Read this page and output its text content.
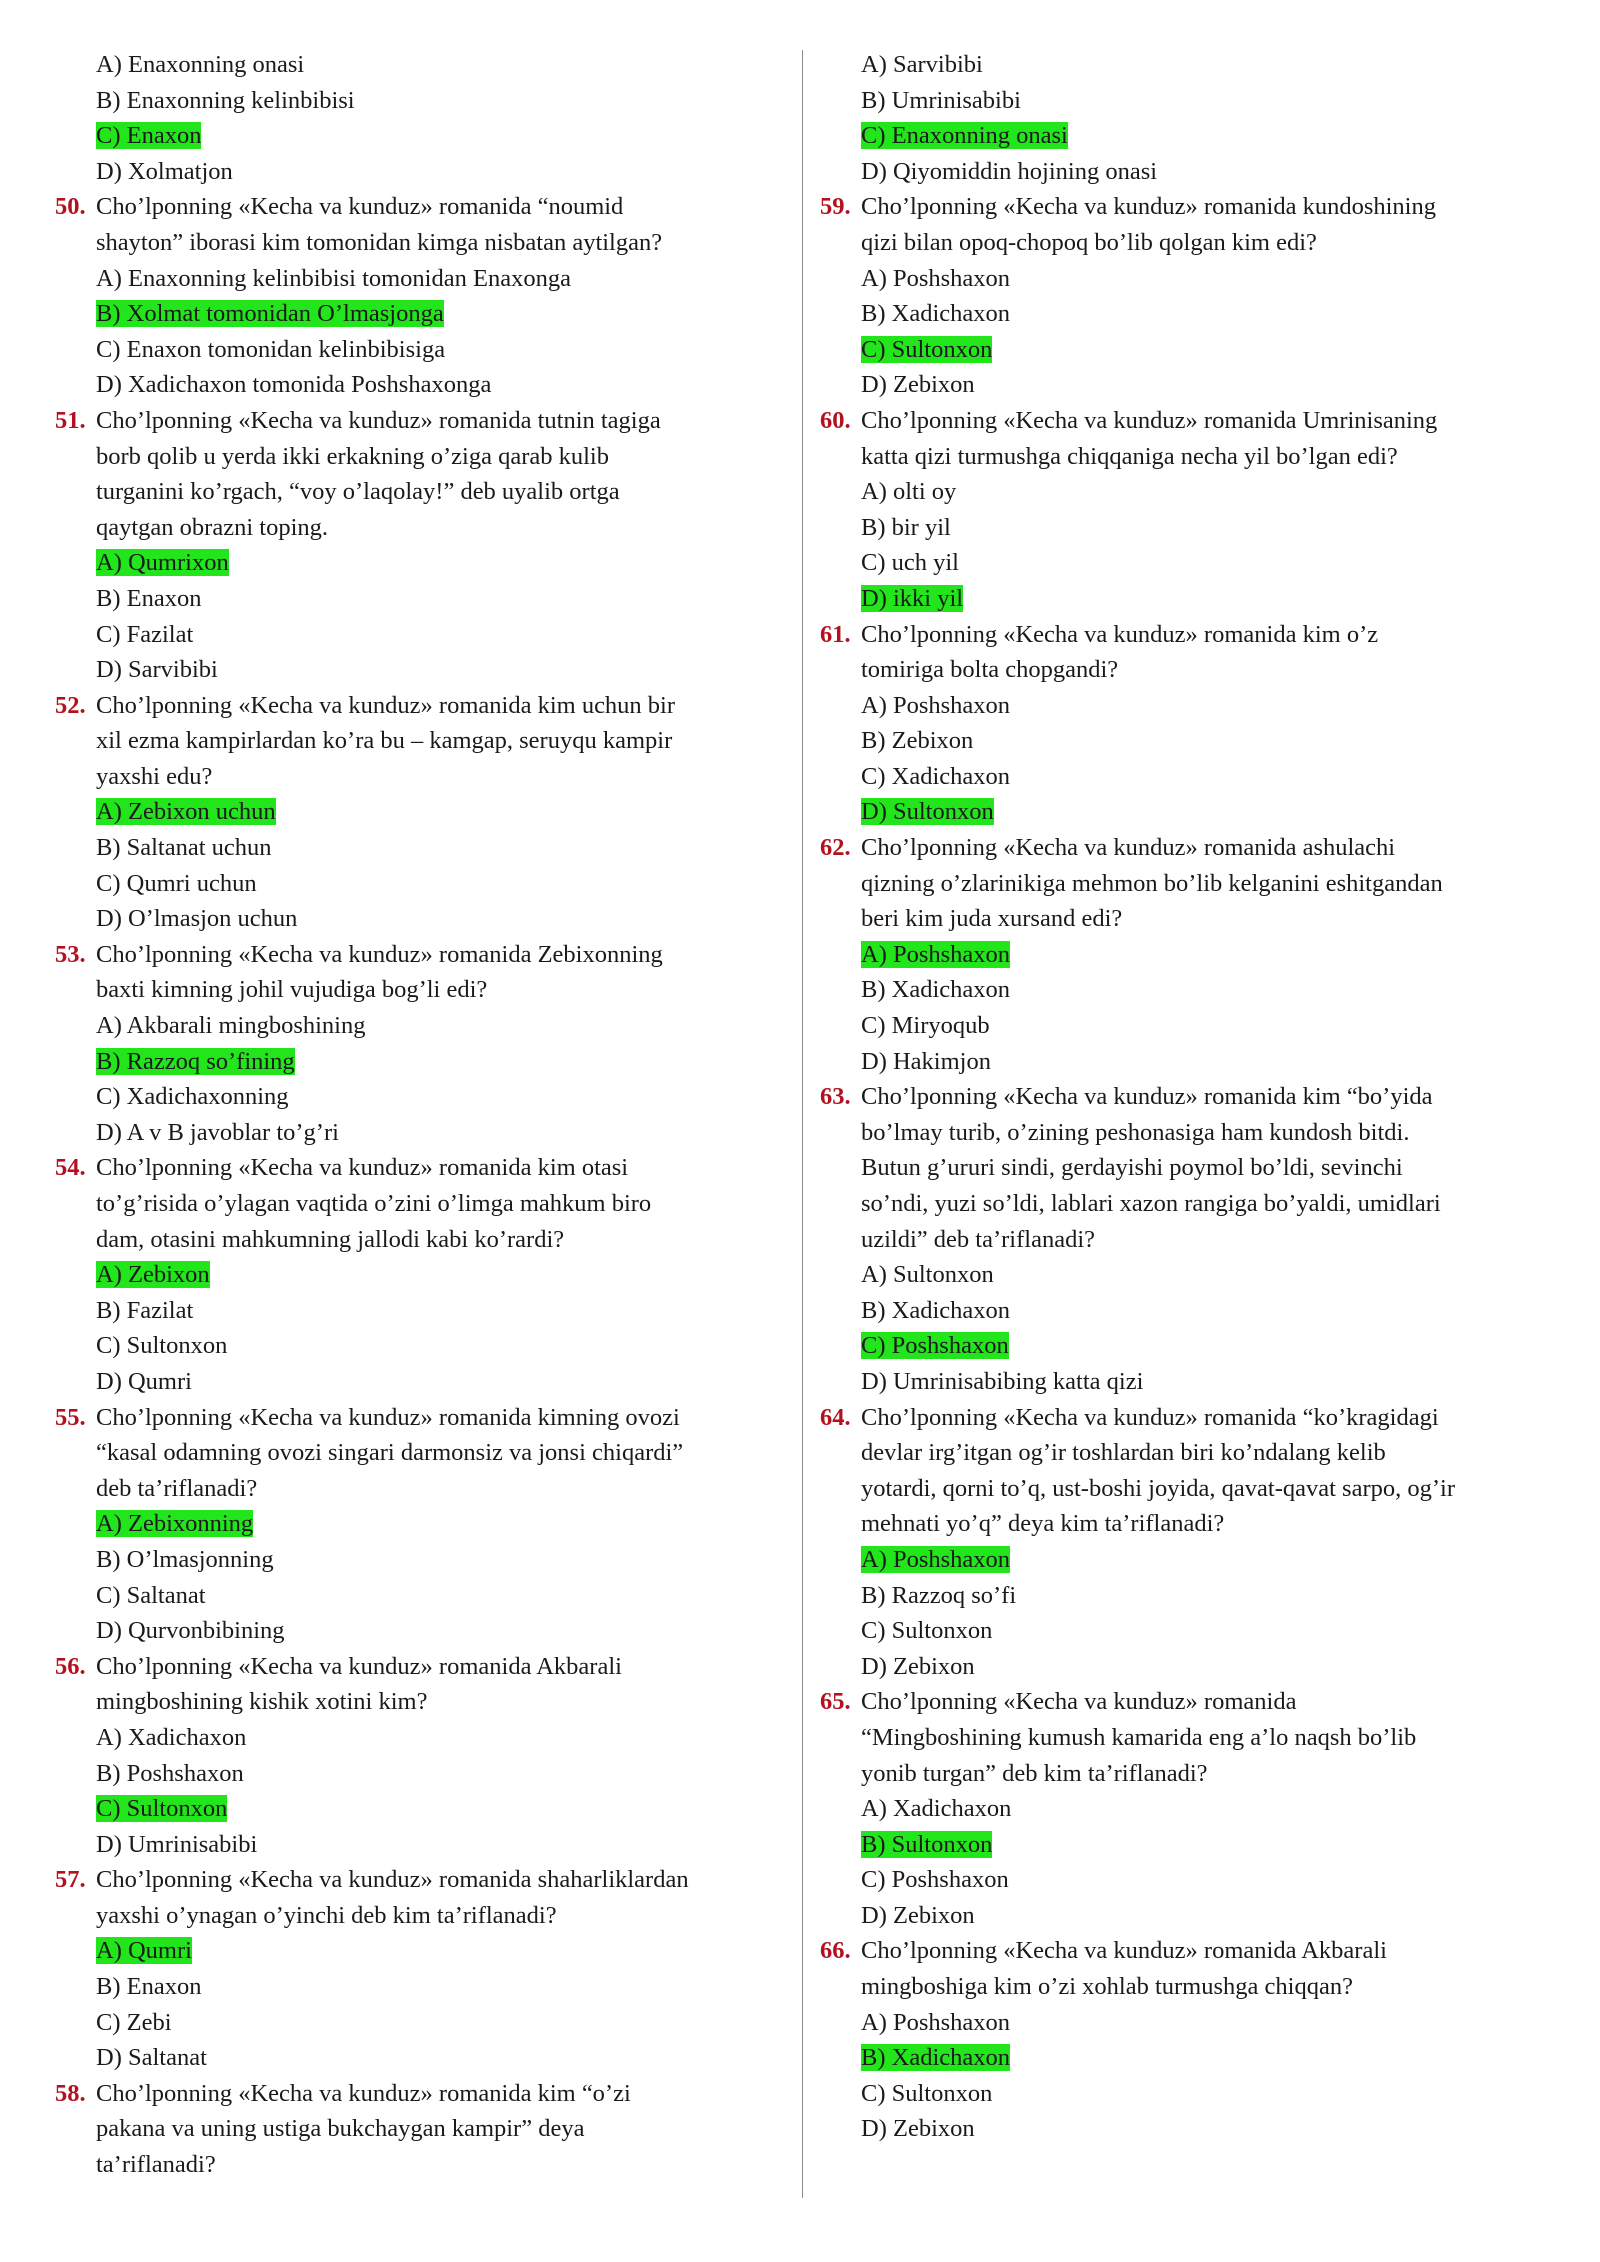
A) Enaxonning onasi
B) Enaxonning kelinbibisi
C) Enaxon
D) Xolmatjon
50. Cho’lponning «Kecha va kunduz» romanida “noumid
shayton” iborasi kim tomonidan kimga nisbatan aytilgan?
A) Enaxonning kelinbibisi tomonidan Enaxonga
B) Xolmat tomonidan O’lmasjonga
C) Enaxon tomonidan kelinbibisiga
D) Xadichaxon tomonida Poshshaxonga
51. Cho’lponning «Kecha va kunduz» romanida tutnin tagiga
borb qolib u yerda ikki erkakning o’ziga qarab kulib
turganini ko’rgach, “voy o’laqolay!” deb uyalib ortga
qaytgan obrazni toping.
A) Qumrixon
B) Enaxon
C) Fazilat
D) Sarvibibi
52. Cho’lponning «Kecha va kunduz» romanida kim uchun bir
xil ezma kampirlardan ko’ra bu – kamgap, seruyqu kampir
yaxshi edu?
A) Zebixon uchun
B) Saltanat uchun
C) Qumri uchun
D) O’lmasjon uchun
53. Cho’lponning «Kecha va kunduz» romanida Zebixonning
baxti kimning johil vujudiga bog’li edi?
A) Akbarali mingboshining
B) Razzoq so’fining
C) Xadichaxonning
D) A v B javoblar to’g’ri
54. Cho’lponning «Kecha va kunduz» romanida kim otasi
to’g’risida o’ylagan vaqtida o’zini o’limga mahkum biro
dam, otasini mahkumning jallodi kabi ko’rardi?
A) Zebixon
B) Fazilat
C) Sultonxon
D) Qumri
55. Cho’lponning «Kecha va kunduz» romanida kimning ovozi
“kasal odamning ovozi singari darmonsiz va jonsi chiqardi”
deb ta’riflanadi?
A) Zebixonning
B) O’lmasjonning
C) Saltanat
D) Qurvonbibining
56. Cho’lponning «Kecha va kunduz» romanida Akbarali
mingboshining kishik xotini kim?
A) Xadichaxon
B) Poshshaxon
C) Sultonxon
D) Umrinisabibi
57. Cho’lponning «Kecha va kunduz» romanida shaharliklardan
yaxshi o’ynagan o’yinchi deb kim ta’riflanadi?
A) Qumri
B) Enaxon
C) Zebi
D) Saltanat
58. Cho’lponning «Kecha va kunduz» romanida kim “o’zi
pakana va uning ustiga bukchaygan kampir” deya
ta’riflanadi?
A) Sarvibibi
B) Umrinisabibi
C) Enaxonning onasi
D) Qiyomiddin hojining onasi
59. Cho’lponning «Kecha va kunduz» romanida kundoshining
qizi bilan opoq-chopoq bo’lib qolgan kim edi?
A) Poshshaxon
B) Xadichaxon
C) Sultonxon
D) Zebixon
60. Cho’lponning «Kecha va kunduz» romanida Umrinisaning
katta qizi turmushga chiqqaniga necha yil bo’lgan edi?
A) olti oy
B) bir yil
C) uch yil
D) ikki yil
61. Cho’lponning «Kecha va kunduz» romanida kim o’z
tomiriga bolta chopgandi?
A) Poshshaxon
B) Zebixon
C) Xadichaxon
D) Sultonxon
62. Cho’lponning «Kecha va kunduz» romanida ashulachi
qizning o’zlarinikiga mehmon bo’lib kelganini eshitgandan
beri kim juda xursand edi?
A) Poshshaxon
B) Xadichaxon
C) Miryoqub
D) Hakimjon
63. Cho’lponning «Kecha va kunduz» romanida kim “bo’yida
bo’lmay turib, o’zining peshonasiga ham kundosh bitdi.
Butun g’ururi sindi, gerdayishi poymol bo’ldi, sevinchi
so’ndi, yuzi so’ldi, lablari xazon rangiga bo’yaldi, umidlari
uzildi” deb ta’riflanadi?
A) Sultonxon
B) Xadichaxon
C) Poshshaxon
D) Umrinisabibing katta qizi
64. Cho’lponning «Kecha va kunduz» romanida “ko’kragidagi
devlar irg’itgan og’ir toshlardan biri ko’ndalang kelib
yotardi, qorni to’q, ust-boshi joyida, qavat-qavat sarpo, og’ir
mehnati yo’q” deya kim ta’riflanadi?
A) Poshshaxon
B) Razzoq so’fi
C) Sultonxon
D) Zebixon
65. Cho’lponning «Kecha va kunduz» romanida
“Mingboshining kumush kamarida eng a’lo naqsh bo’lib
yonib turgan” deb kim ta’riflanadi?
A) Xadichaxon
B) Sultonxon
C) Poshshaxon
D) Zebixon
66. Cho’lponning «Kecha va kunduz» romanida Akbarali
mingboshiga kim o’zi xohlab turmushga chiqqan?
A) Poshshaxon
B) Xadichaxon
C) Sultonxon
D) Zebixon
